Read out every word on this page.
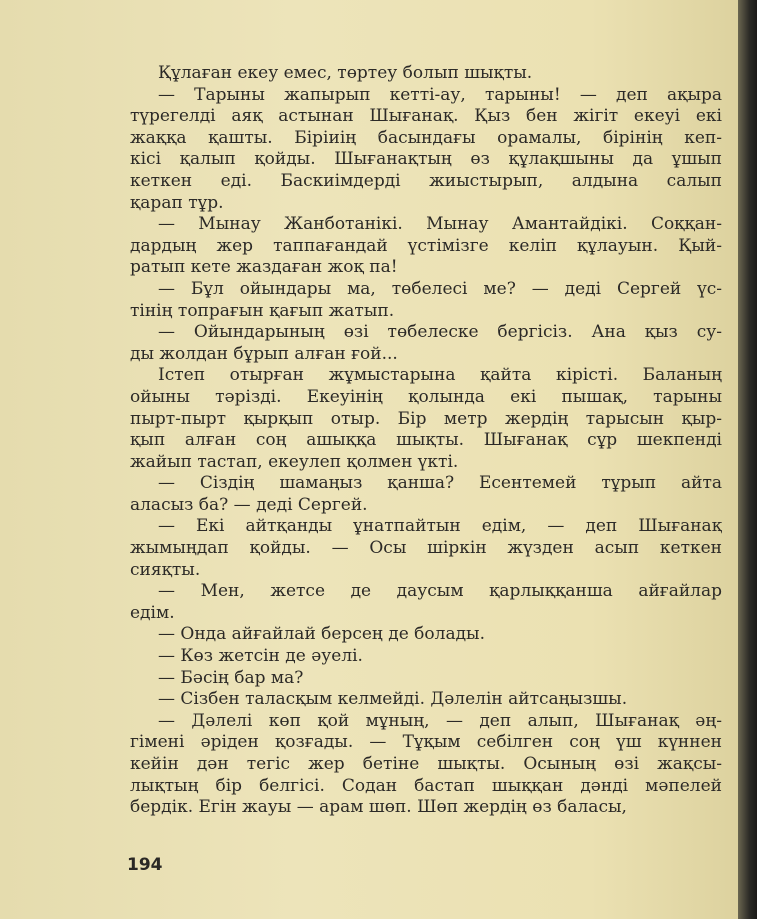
Құлаған екеу емес, төртеу болып шықты.
— Тарыны жапырып кетті-ау, тарыны! — деп ақыра
түрегелді аяқ астынан Шығанақ. Қыз бен жігіт екеуі екі
жаққа қашты. Біріиің басындағы орамалы, бірінің кеп-
кісі қалып қойды. Шығанақтың өз құлақшыны да ұшып
кеткен еді. Баскиімдерді жиыстырып, алдына салып
қарап тұр.
— Мынау Жанботанікі. Мынау Амантайдікі. Соққан-
дардың жер таппағандай үстімізге келіп құлауын. Қый-
ратып кете жаздаған жоқ па!
— Бұл ойындары ма, төбелесі ме? — деді Сергей үс-
тінің топрағын қағып жатып.
— Ойындарының өзі төбелеске бергісіз. Ана қыз су-
ды жолдан бұрып алған ғой...
Істеп отырған жұмыстарына қайта кірісті. Баланың
ойыны тәрізді. Екеуінің қолында екі пышақ, тарыны
пырт-пырт қырқып отыр. Бір метр жердің тарысын қыр-
қып алған соң ашыққа шықты. Шығанақ сұр шекпенді
жайып тастап, екеулеп қолмен үкті.
— Сіздің шамаңыз қанша? Есентемей тұрып айта
аласыз ба? — деді Сергей.
— Екі айтқанды ұнатпайтын едім, — деп Шығанақ
жымыңдап қойды. — Осы шіркін жүзден асып кеткен
сияқты.
— Мен, жетсе де даусым қарлыққанша айғайлар
едім.
— Онда айғайлай берсең де болады.
— Көз жетсін де әуелі.
— Бәсің бар ма?
— Сізбен таласқым келмейді. Дәлелін айтсаңызшы.
— Дәлелі көп қой мұның, — деп алып, Шығанақ әң-
гімені әріден қозғады. — Тұқым себілген соң үш күннен
кейін дән тегіс жер бетіне шықты. Осының өзі жақсы-
лықтың бір белгісі. Содан бастап шыққан дәнді мәпелей
бердік. Егін жауы — арам шөп. Шөп жердің өз баласы,
194
